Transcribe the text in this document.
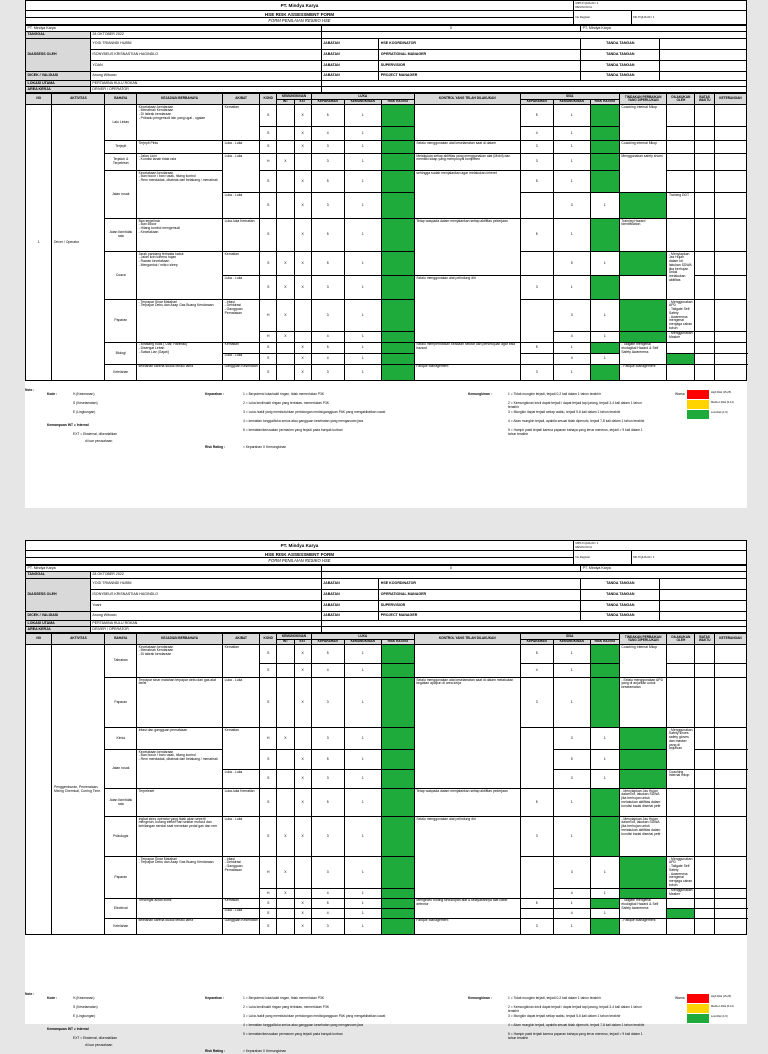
PT. Mindya Karya	MPK.F.QHS-03 / 1
REVISI 00 IA	
HSE RISK ASSESSMENT FORM	No Register	MK.P.QHS-03 / 1
FORM PENILAIAN RESIKO HSE		
PT. Mindya Karya		0		PT. Mindya Karya	
TANGGAL	28 OKTOBER 2022				
DIASSESS OLEH	YOGI TRIANNDI HUBNI	JABATAN	HSE KOORDINATOR	TANDA TANGAN	
	ISONYBEUS KRISNASTIAN HAGINDLO	JABATAN	OPERATIONAL MANAGER	TANDA TANGAN	
	YOAN	JABATAN	SUPERVISIOR	TANDA TANGAN	
DICEK / VALIDASI	Anung Wibowo	JABATAN	PROJECT MANAGER	TANDA TANGAN	
LOKASI UTAMA	PERTAMINA HULU ROKAN				
AREA KERJA	DRIVER / OPERATOR				
NO	AKTIVITAS	BAHAYA	KEJADIAN BERBAHAYA	AKIBAT	KOND	KEMUNGKINAN		LUKA			KONTROL YANG TELAH DILAKUKAN	SISA			TINDAKAN PERBAIKAN YANG DIPERLUKAN	DILAKUKAN OLEH	BATAS WAKTU	KETERANGAN	
						INT	EXT	KEPARAHAN	KEMUNGKINAN	RISK RATING		KEPARAHAN	KEMUNGKINAN	RISK RATING					
1	Driver / Operator	Lalu Lintas	Kecelakaan kendaraan
- Menabrak Kendaraan
- Di tabrak kendaraan
- Pribadu pengemudi lain yang ugal - ugalan	Kematian	S		X	5	1	5		5	1	5	Coaching Internal Mkop				
					S		X	4	1	4		4	1	4					
		Terjepit	Terjepit Pintu	Luka - Luka	S		X	3	1	3	Selalu menggunakan alat keselamatan saat di dalam	3	1	3	Coaching internal Mkop				
		Terjatuh & Terpeleset	- Jalan Licin
- Kondisi tanah tidak rata	Luka - Luka	H	X		3	1	3	Melakukan setiap aktifitas yang menggunakan alat (Mobil) dan memiliki sikap yang mempunyai kompeten	3	1	3	Menggunakan safety shoes				
		Jalan rusak	Kecelakaan kendaraan
- Ban bocor / ban rusak, hilang kontrol
- Rem mendadak, ditabrak dari belakang / menabrak		S		X	5	1	5	sehingga sudah menjalankan agar melakukan inheret	5	1	5					
				Luka - Luka	S		X	3	1	3			3	1	3	Training DDT			
		Jalan licin/tidak rata	Ban tergelincir
- Ban Bocor
- Hilang kontrol mengemudi
- Kecelakaan	Luka-luka Kematian	S		X	5	1	5	Tetap waspada dalam menjalankan setiap aktifitas pekerjaan	5	1	5	Training Hazard Identification				
		Cuaca	Jarak pandang terbatas kabut
- Jalan licin karena hujan
- Rawan kecelakaan
- Mengantuk / mikro sleep	Kematian	S	X	X	5	1	5			5	1	5	- Menyiapkan Jas Hujan dalam kit, lakukan SDWA jika berhujan untuk melakukan aktifitas			
				Luka - Luka	S	X	X	3	1	3	Selalu menggunakan alat pelindung diri	3	1	3					
		Paparan	- Terpapar Sinar Matahari
- Terpapar Debu dan Asap Gas Buang Kendaraan	- Iritasi
- Dehidrasi
- Gangguan Pernafasan	H	X		3	1	3			3	1	3	- Menggunakan APD
- Tailgate Self Safety
- Awareness mengenai menjaga cairan tubuh			
					H	X		4	1	4			4	1	4	- Menggunakan Masker			
		Biologi	- Binatang buas ( Ular, Harimau)
- Disengat Lebah
- Satwa Liar (Gajah)	Kematian	S		X	5	1	5	Selalu memperhatikan keadaan sekitar dan persetujuan agar bisa hazard	5	1	5	- Tailgate mengenai ekologikal Hazard & Self Safety Awareness				
				Luka - Luka	S		X	4	1	4			4	1		4				
		Kelelahan	kelelahan karena duduk terlalu lama	Gangguan Kesehatan	S		X	3	1	3	Fatique Management	3	1	3	- Fatique Management				
Note :
Kode :	H (Keamanan)
S (Keselamatan)
E (Lingkungan)
Kemampuan INT = Internal
EXT = Eksternal, dikendalikan
di luar perusahaan
Keparahan :	1 = Berpotensi luka/sakit ringan, tidak memerlukan P3K
2 = Luka kecil/sakit ringan yang terbatas, memerlukan P3K
3 = Luka /sakit yang membutuhkan pertolongan medis/gangguan PAK yang mengakibatkan cacat
4 = kematian tunggal/luka serius atau gangguan kesehatan yang mengancam jiwa
5 = kematian/kerusakan permanen yang terjadi pada banyak korban
Risk Rating :	= Keparahan X Kemungkinan
Kemungkinan :	1 = Tidak mungkin terjadi, terjadi 0-2 kali dalam 1 tahun terakhir
2 = Kemungkinan kecil dapat terjadi / dapat terjadi tapi jarang, terjadi 3-4 kali dalam 1 tahun terakhir
3 = Mungkin dapat terjadi setiap waktu, terjadi 5-6 kali dalam 1 tahun terakhir
4 = Akan mungkin terjadi, apabila sesuai tidak dipenuhi, terjadi 7-8 kali dalam 1 tahun terakhir
5 = Hampir pasti terjadi karena paparan bahaya yang terus menerus, terjadi > 9 kali dalam 1 tahun terakhir
Warna	High Risk (15-25)
Medium Risk (6-14)
Low Risk (1-5)
PT. Mindya Karya	MPK.F.QHS-03 / 1
REVISI 00 IA	
HSE RISK ASSESSMENT FORM	No Register	MK.P.QHS-03 / 1
FORM PENILAIAN RESIKO HSE		
PT. Mindya Karya		0		PT. Mindya Karya	
TANGGAL	28 OKTOBER 2022				
DIASSESS OLEH	YOGI TRIANNDI HUBNI	JABATAN	HSE KOORDINATOR	TANDA TANGAN	
	ISONYBEUS KRISNASTIAN HAGINDLO	JABATAN	OPERATIONAL MANAGER	TANDA TANGAN	
	Yoani	JABATAN	SUPERVISIOR	TANDA TANGAN	
DICEK / VALIDASI	Anung Wibowo	JABATAN	PROJECT MANAGER	TANDA TANGAN	
LOKASI UTAMA	PERTAMINA HULU ROKAN				
AREA KERJA	DRIVER / OPERATOR				
NO	AKTIVITAS	BAHAYA	KEJADIAN BERBAHAYA	AKIBAT	KOND	KEMUNGKINAN		LUKA			KONTROL YANG TELAH DILAKUKAN	SISA			TINDAKAN PERBAIKAN YANG DIPERLUKAN	DILAKUKAN OLEH	BATAS WAKTU	KETERANGAN	
						INT	EXT	KEPARAHAN	KEMUNGKINAN	RISK RATING		KEPARAHAN	KEMUNGKINAN	RISK RATING					
	Penggemburan, Pemerataan, Mixing Chemical, Curring Time.	Tabrakan	Kecelakaan kendaraan
- Menabrak Kendaraan
- Di tabrak kendaraan	Kematian	S		X	5	1	5		5	1	5	Coaching Internal Mkop				
					S		X	4	1	4		4	1	4					
		Paparan	Terpapar sinar matahari terpapar debu dan gas alat berat	Luka - Luka	S		X	3	1	3	Selalu menggunakan alat keselamatan saat di dalam melakukan kegiatan apapun di area kerja	3	1	3	- Selalu menggunakan APD yang di anjurkan untuk keselamatan				
		Kimia	Iritasi dan gangguan pernafasan	Kematian	H	X		3	1	3			3	1	3	- Menggunakan Safety shoes safety gloves dan masker yang di anjurkan			
		Jalan rusak	Kecelakaan kendaraan
- Ban bocor / ban rusak, hilang kontrol
- Rem mendadak, ditabrak dari belakang / menabrak		S		X	5	1	5			5	1	5				
				Luka - Luka	S		X	3	1	3			3	1	3	Coaching internal mkop			
		Jalan licin/tidak rata	Terpeleset	Luka-luka Kematian	S		X	5	1	5	Tetap waspada dalam menjalankan setiap aktifitas pekerjaan	5	1	5	- Menyiapkan Jas Hujan dalam kit, lakukan SDWA jika berhujan untuk melakukan aktifitas dalam kondisi badai disertai petir				
		Psikologis	Ingkat stres operator yang tidak akan seperti mengeluh, kurang efektif hari sekitar muncul dan kehilangan sendal saat menekan pedal gas dan rem	Luka - Luka	S	X	X	3	1	3	Selalu menggunakan alat pelindung diri	3	1	3	- Menyiapkan Jas Hujan dalam kit, lakukan SDWA jika berhujan untuk melakukan aktifitas dalam kondisi badai disertai petir				
		Paparan	- Terpapar Sinar Matahari
- Terpapar Debu dan Asap Gas Buang Kendaraan	- Iritasi
- Dehidrasi
- Gangguan Pernafasan	H	X		3	1	3			3	1	3	- Menggunakan APD
- Tailgate Self Safety
- Awareness mengenai menjaga cairan tubuh			
					H	X		4	1	4			4	1	4	- Menggunakan Masker			
		Electrical	Tersengat aliran listrik	Kematian	S		X	5	1	5	Mengecek routing kecukupan alat & kelayakannya alat cable detector	5	1	5	- Tailgate mengenai ekologikal Hazard & Self Safety Awareness				
				Luka - Luka	S		X	4	1	4			4	1		4				
		Kelelahan	kelelahan karena duduk terlalu lama	Gangguan Kesehatan	S		X	3	1	3	Fatique Management	3	1	3	- Fatique Management				
Note :
Kode :	H (Keamanan)
S (Keselamatan)
E (Lingkungan)
Kemampuan INT = Internal
EXT = Eksternal, dikendalikan
di luar perusahaan
Keparahan :	1 = Berpotensi luka/sakit ringan, tidak memerlukan P3K
2 = Luka kecil/sakit ringan yang terbatas, memerlukan P3K
3 = Luka /sakit yang membutuhkan pertolongan medis/gangguan PAK yang mengakibatkan cacat
4 = kematian tunggal/luka serius atau gangguan kesehatan yang mengancam jiwa
5 = kematian/kerusakan permanen yang terjadi pada banyak korban
Risk Rating :	= Keparahan X Kemungkinan
Kemungkinan :	1 = Tidak mungkin terjadi, terjadi 0-2 kali dalam 1 tahun terakhir
2 = Kemungkinan kecil dapat terjadi / dapat terjadi tapi jarang, terjadi 3-4 kali dalam 1 tahun terakhir
3 = Mungkin dapat terjadi setiap waktu, terjadi 5-6 kali dalam 1 tahun terakhir
4 = Akan mungkin terjadi, apabila sesuai tidak dipenuhi, terjadi 7-8 kali dalam 1 tahun terakhir
5 = Hampir pasti terjadi karena paparan bahaya yang terus menerus, terjadi > 9 kali dalam 1 tahun terakhir
Warna	High Risk (15-25)
Medium Risk (6-14)
Low Risk (1-5)
